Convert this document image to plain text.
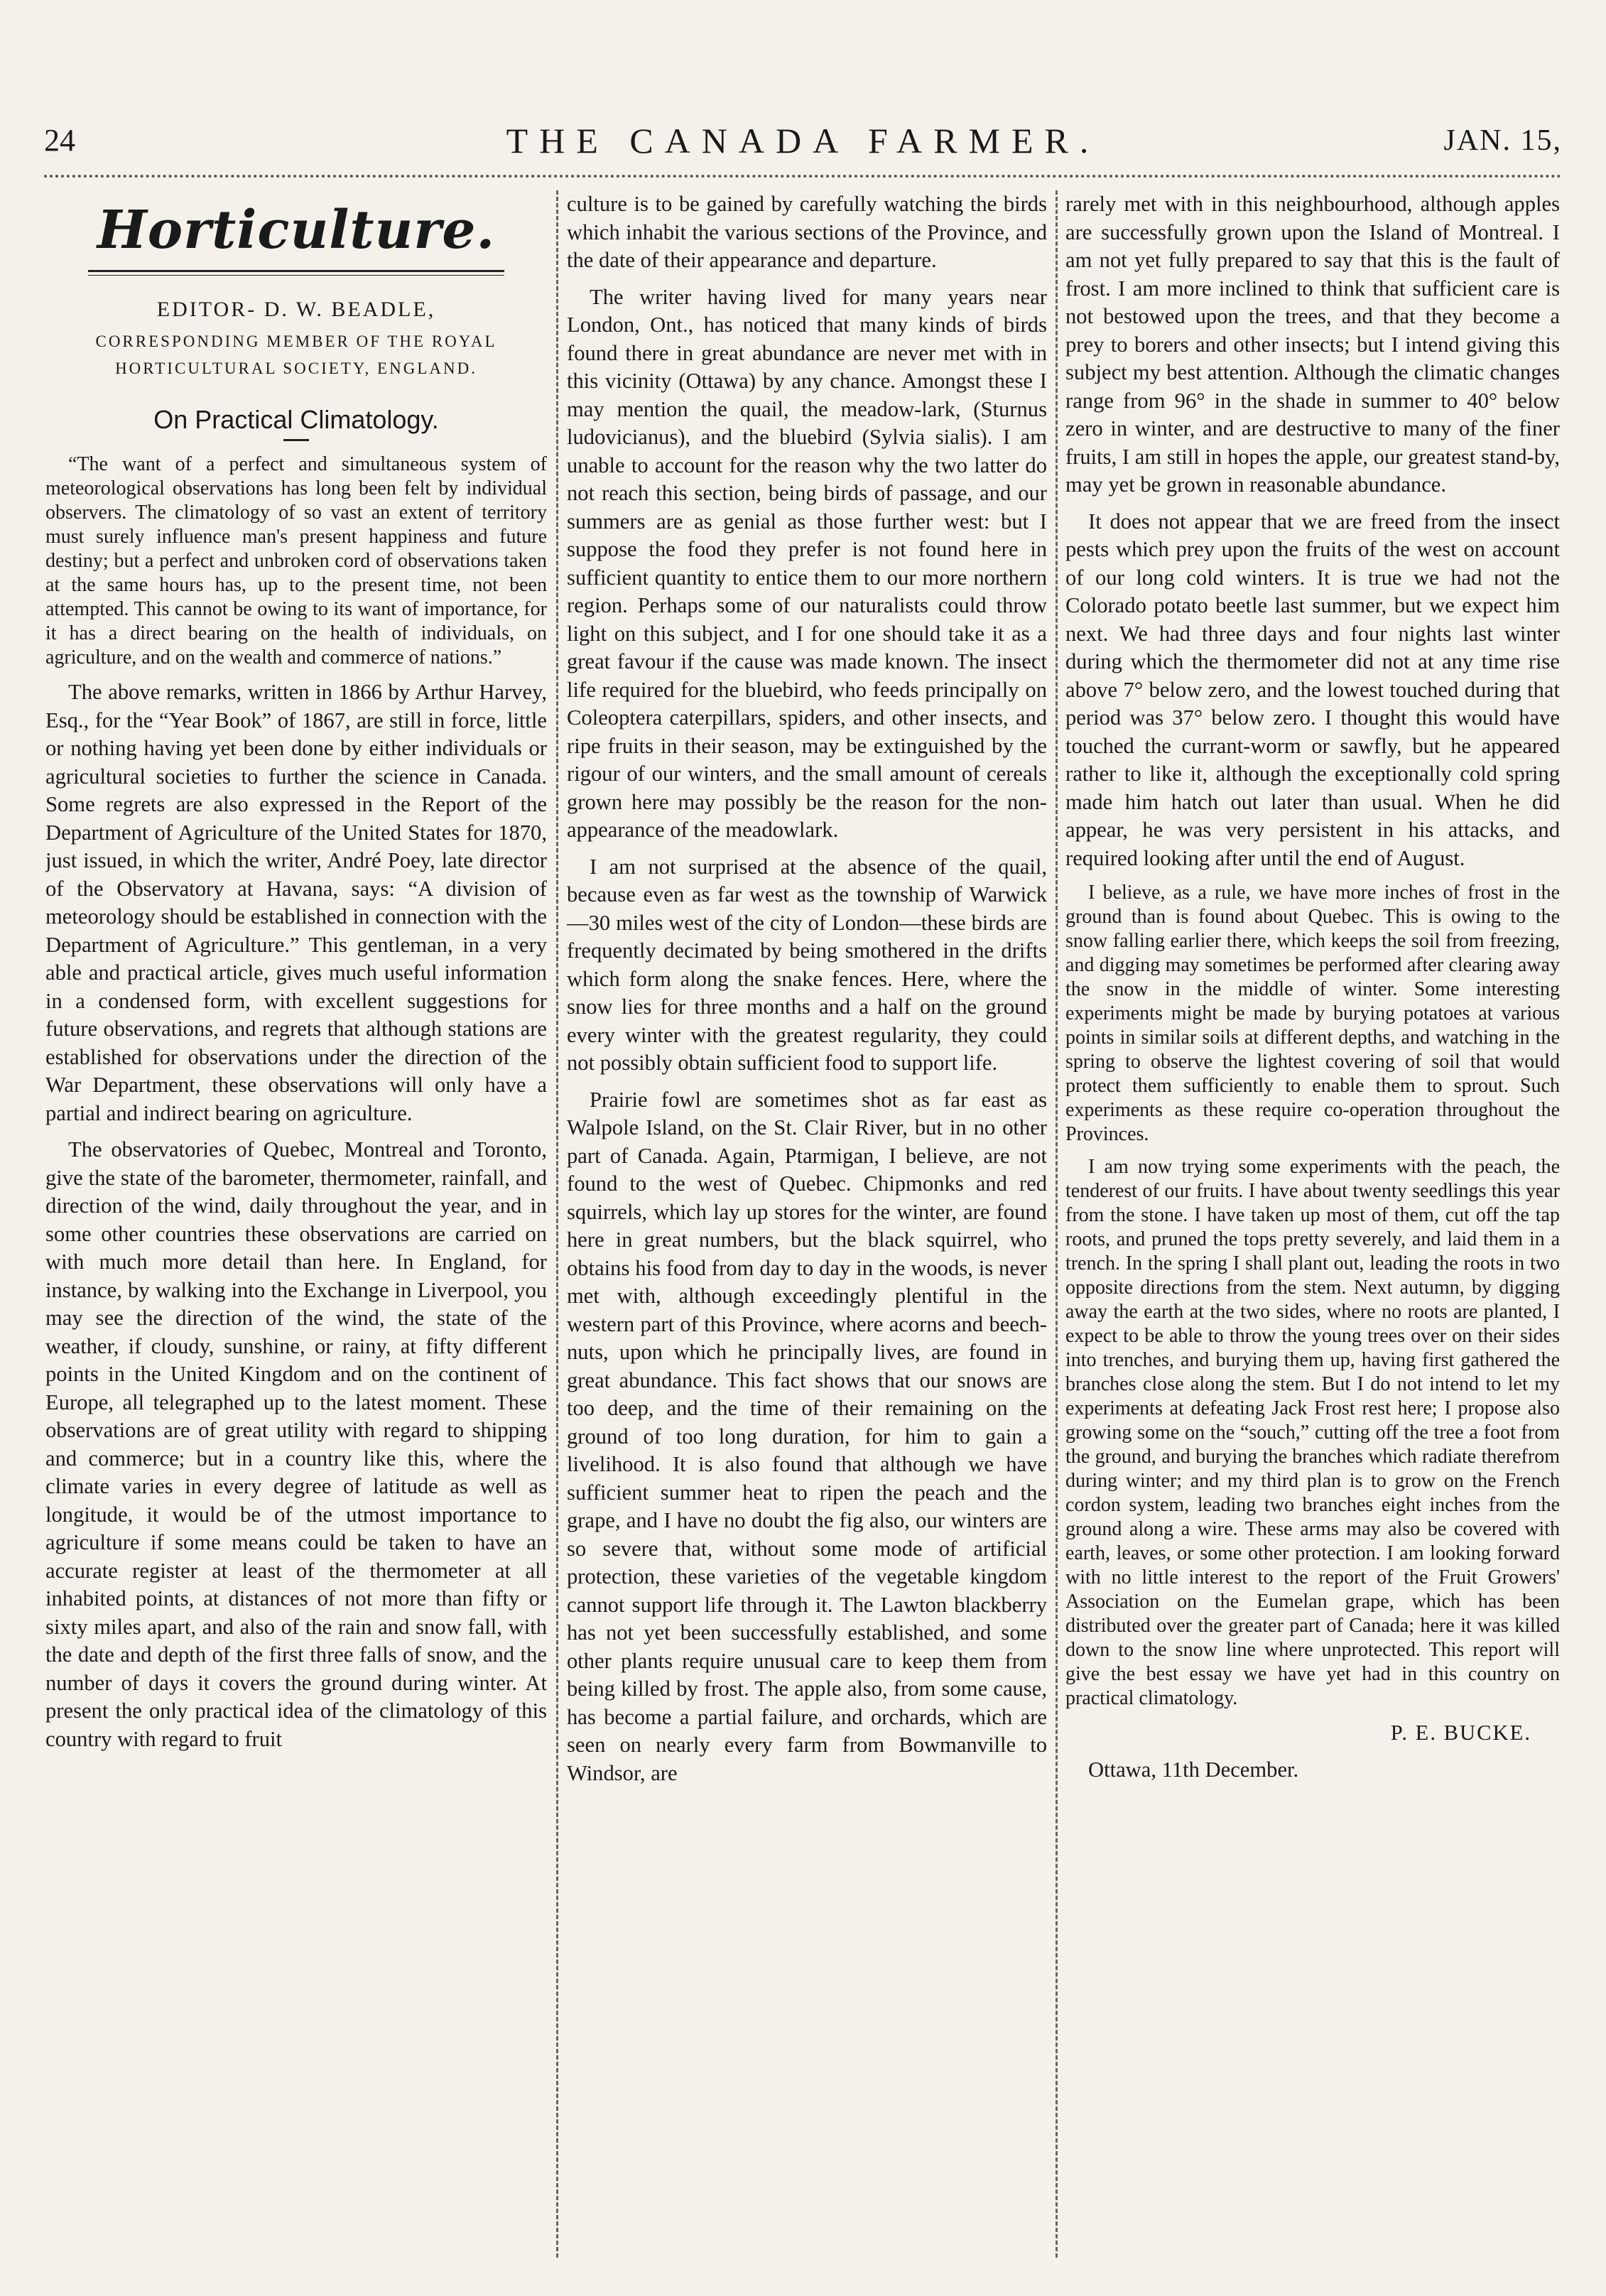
24	THE CANADA FARMER.	JAN. 15,
Horticulture.
EDITOR- D. W. BEADLE,
CORRESPONDING MEMBER OF THE ROYAL HORTICULTURAL SOCIETY, ENGLAND.
On Practical Climatology.

“The want of a perfect and simultaneous system of meteorological observations has long been felt by individual observers. The climatology of so vast an extent of territory must surely influence man's present happiness and future destiny; but a perfect and unbroken cord of observations taken at the same hours has, up to the present time, not been attempted. This cannot be owing to its want of importance, for it has a direct bearing on the health of individuals, on agriculture, and on the wealth and commerce of nations.”

The above remarks, written in 1866 by Arthur Harvey, Esq., for the “Year Book” of 1867, are still in force, little or nothing having yet been done by either individuals or agricultural societies to further the science in Canada. Some regrets are also expressed in the Report of the Department of Agriculture of the United States for 1870, just issued, in which the writer, André Poey, late director of the Observatory at Havana, says: “A division of meteorology should be established in connection with the Department of Agriculture.” This gentleman, in a very able and practical article, gives much useful information in a condensed form, with excellent suggestions for future observations, and regrets that although stations are established for observations under the direction of the War Department, these observations will only have a partial and indirect bearing on agriculture.

The observatories of Quebec, Montreal and Toronto, give the state of the barometer, thermometer, rainfall, and direction of the wind, daily throughout the year, and in some other countries these observations are carried on with much more detail than here. In England, for instance, by walking into the Exchange in Liverpool, you may see the direction of the wind, the state of the weather, if cloudy, sunshine, or rainy, at fifty different points in the United Kingdom and on the continent of Europe, all telegraphed up to the latest moment. These observations are of great utility with regard to shipping and commerce; but in a country like this, where the climate varies in every degree of latitude as well as longitude, it would be of the utmost importance to agriculture if some means could be taken to have an accurate register at least of the thermometer at all inhabited points, at distances of not more than fifty or sixty miles apart, and also of the rain and snow fall, with the date and depth of the first three falls of snow, and the number of days it covers the ground during winter. At present the only practical idea of the climatology of this country with regard to fruit

culture is to be gained by carefully watching the birds which inhabit the various sections of the Province, and the date of their appearance and departure.

The writer having lived for many years near London, Ont., has noticed that many kinds of birds found there in great abundance are never met with in this vicinity (Ottawa) by any chance. Amongst these I may mention the quail, the meadow-lark, (Sturnus ludovicianus), and the bluebird (Sylvia sialis). I am unable to account for the reason why the two latter do not reach this section, being birds of passage, and our summers are as genial as those further west: but I suppose the food they prefer is not found here in sufficient quantity to entice them to our more northern region. Perhaps some of our naturalists could throw light on this subject, and I for one should take it as a great favour if the cause was made known. The insect life required for the bluebird, who feeds principally on Coleoptera caterpillars, spiders, and other insects, and ripe fruits in their season, may be extinguished by the rigour of our winters, and the small amount of cereals grown here may possibly be the reason for the non-appearance of the meadowlark.

I am not surprised at the absence of the quail, because even as far west as the township of Warwick—30 miles west of the city of London—these birds are frequently decimated by being smothered in the drifts which form along the snake fences. Here, where the snow lies for three months and a half on the ground every winter with the greatest regularity, they could not possibly obtain sufficient food to support life.

Prairie fowl are sometimes shot as far east as Walpole Island, on the St. Clair River, but in no other part of Canada. Again, Ptarmigan, I believe, are not found to the west of Quebec. Chipmonks and red squirrels, which lay up stores for the winter, are found here in great numbers, but the black squirrel, who obtains his food from day to day in the woods, is never met with, although exceedingly plentiful in the western part of this Province, where acorns and beech-nuts, upon which he principally lives, are found in great abundance. This fact shows that our snows are too deep, and the time of their remaining on the ground of too long duration, for him to gain a livelihood. It is also found that although we have sufficient summer heat to ripen the peach and the grape, and I have no doubt the fig also, our winters are so severe that, without some mode of artificial protection, these varieties of the vegetable kingdom cannot support life through it. The Lawton blackberry has not yet been successfully established, and some other plants require unusual care to keep them from being killed by frost. The apple also, from some cause, has become a partial failure, and orchards, which are seen on nearly every farm from Bowmanville to Windsor, are

rarely met with in this neighbourhood, although apples are successfully grown upon the Island of Montreal. I am not yet fully prepared to say that this is the fault of frost. I am more inclined to think that sufficient care is not bestowed upon the trees, and that they become a prey to borers and other insects; but I intend giving this subject my best attention. Although the climatic changes range from 96° in the shade in summer to 40° below zero in winter, and are destructive to many of the finer fruits, I am still in hopes the apple, our greatest stand-by, may yet be grown in reasonable abundance.

It does not appear that we are freed from the insect pests which prey upon the fruits of the west on account of our long cold winters. It is true we had not the Colorado potato beetle last summer, but we expect him next. We had three days and four nights last winter during which the thermometer did not at any time rise above 7° below zero, and the lowest touched during that period was 37° below zero. I thought this would have touched the currant-worm or sawfly, but he appeared rather to like it, although the exceptionally cold spring made him hatch out later than usual. When he did appear, he was very persistent in his attacks, and required looking after until the end of August.

I believe, as a rule, we have more inches of frost in the ground than is found about Quebec. This is owing to the snow falling earlier there, which keeps the soil from freezing, and digging may sometimes be performed after clearing away the snow in the middle of winter. Some interesting experiments might be made by burying potatoes at various points in similar soils at different depths, and watching in the spring to observe the lightest covering of soil that would protect them sufficiently to enable them to sprout. Such experiments as these require co-operation throughout the Provinces.

I am now trying some experiments with the peach, the tenderest of our fruits. I have about twenty seedlings this year from the stone. I have taken up most of them, cut off the tap roots, and pruned the tops pretty severely, and laid them in a trench. In the spring I shall plant out, leading the roots in two opposite directions from the stem. Next autumn, by digging away the earth at the two sides, where no roots are planted, I expect to be able to throw the young trees over on their sides into trenches, and burying them up, having first gathered the branches close along the stem. But I do not intend to let my experiments at defeating Jack Frost rest here; I propose also growing some on the “souch,” cutting off the tree a foot from the ground, and burying the branches which radiate therefrom during winter; and my third plan is to grow on the French cordon system, leading two branches eight inches from the ground along a wire. These arms may also be covered with earth, leaves, or some other protection. I am looking forward with no little interest to the report of the Fruit Growers' Association on the Eumelan grape, which has been distributed over the greater part of Canada; here it was killed down to the snow line where unprotected. This report will give the best essay we have yet had in this country on practical climatology.

P. E. BUCKE.

Ottawa, 11th December.
